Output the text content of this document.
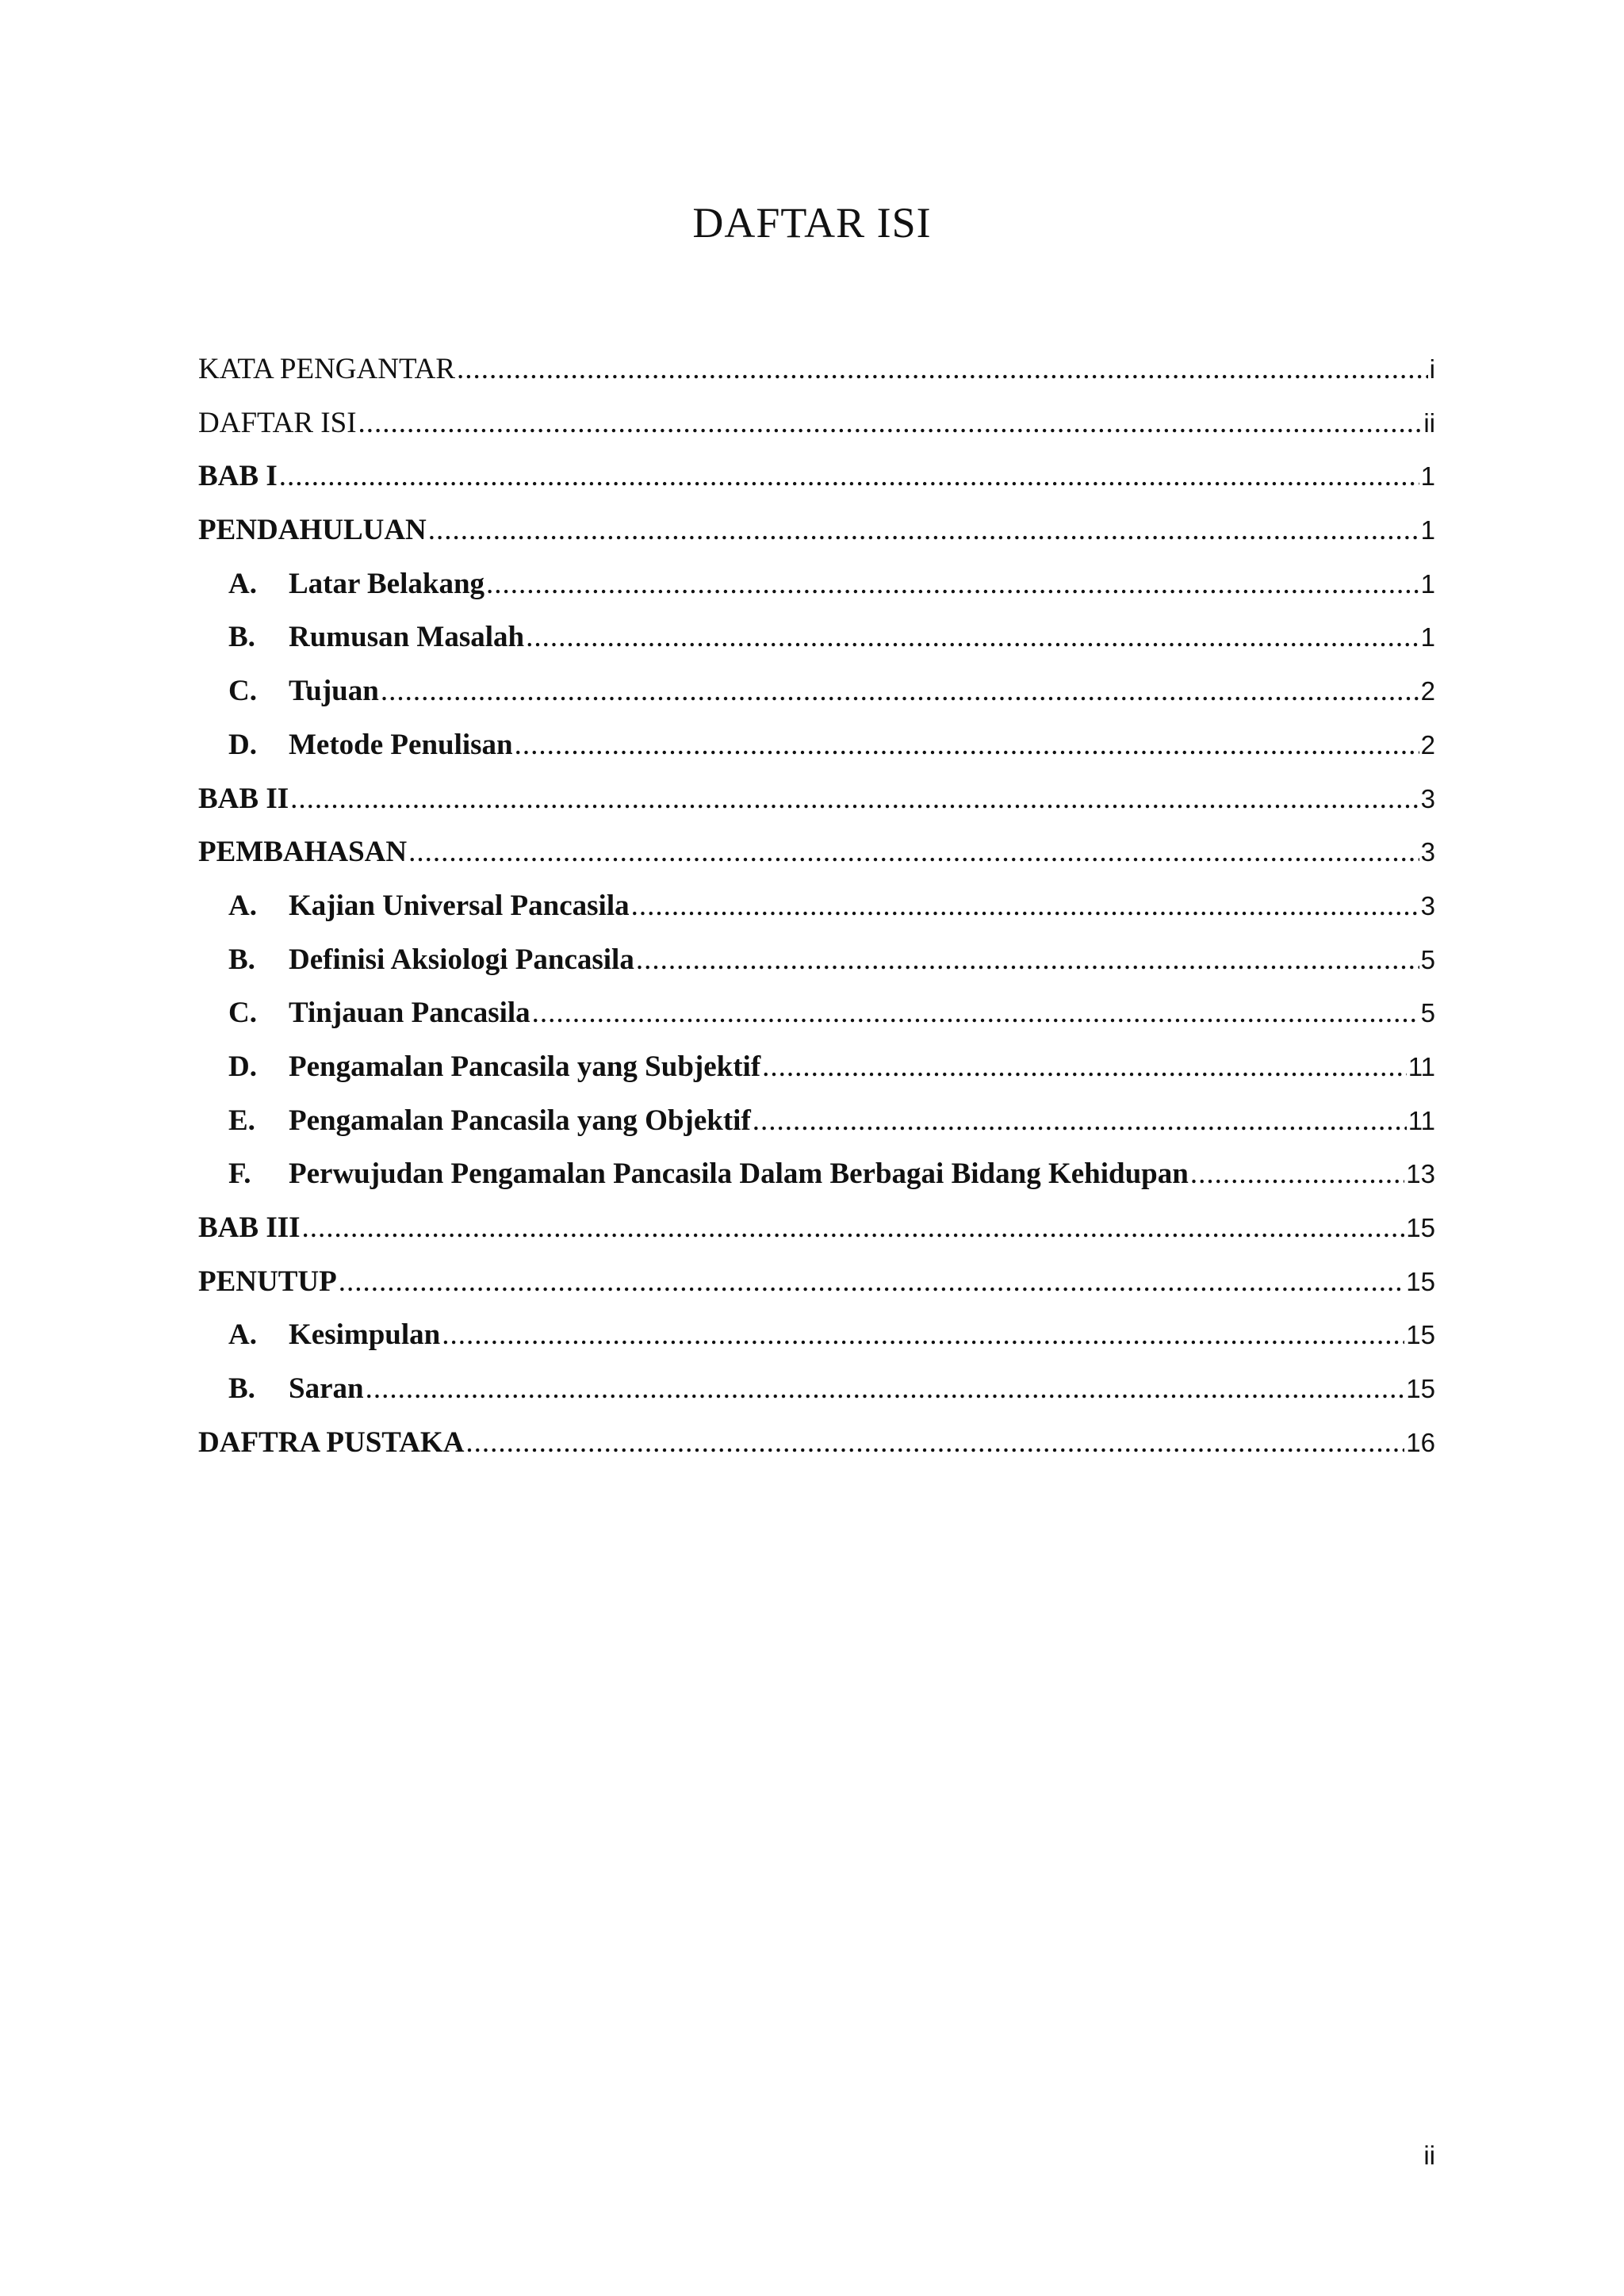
DAFTAR ISI
KATA PENGANTAR .....	i
DAFTAR ISI .....	ii
BAB I .....	1
PENDAHULUAN .....	1
A.	Latar Belakang .....	1
B.	Rumusan Masalah .....	1
C.	Tujuan .....	2
D.	Metode Penulisan .....	2
BAB II .....	3
PEMBAHASAN .....	3
A.	Kajian Universal Pancasila .....	3
B.	Definisi Aksiologi Pancasila .....	5
C.	Tinjauan Pancasila .....	5
D.	Pengamalan Pancasila yang Subjektif .....	11
E.	Pengamalan Pancasila yang Objektif .....	11
F.	Perwujudan Pengamalan Pancasila Dalam Berbagai Bidang Kehidupan .....	13
BAB III .....	15
PENUTUP .....	15
A.	Kesimpulan .....	15
B.	Saran .....	15
DAFTRA PUSTAKA .....	16

ii
